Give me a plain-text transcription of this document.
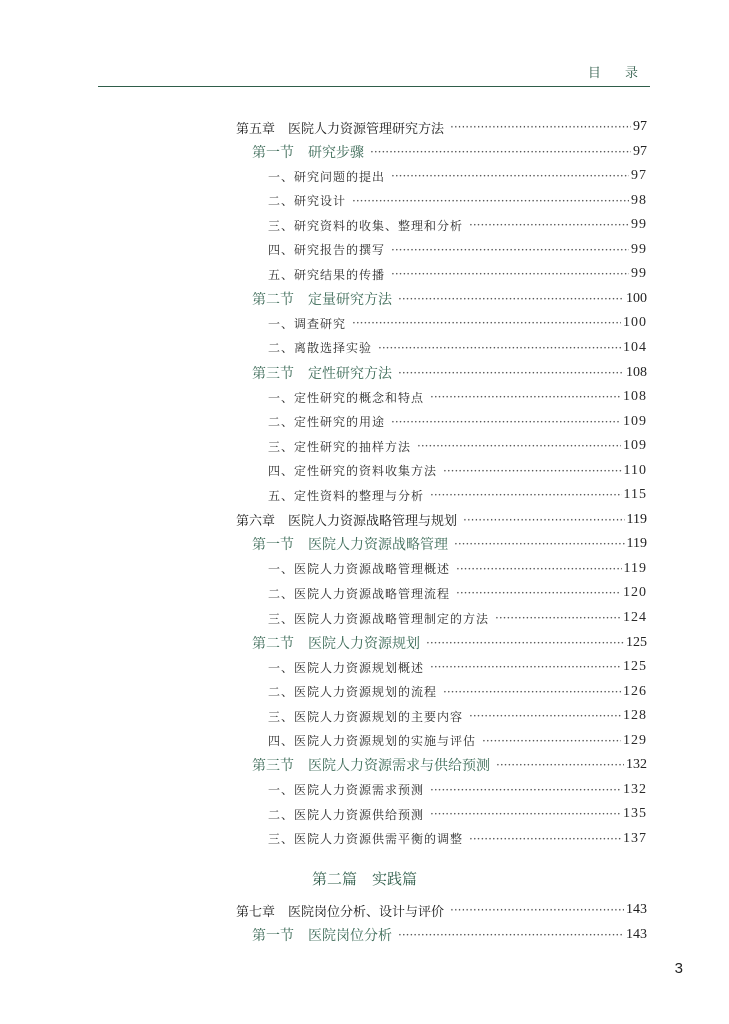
目 录
第五章　医院人力资源管理研究方法 ·····	97
第一节　研究步骤 ·····	97
一、研究问题的提出 ·····	97
二、研究设计 ·····	98
三、研究资料的收集、整理和分析 ·····	99
四、研究报告的撰写 ·····	99
五、研究结果的传播 ·····	99
第二节　定量研究方法 ·····	100
一、调查研究 ·····	100
二、离散选择实验 ·····	104
第三节　定性研究方法 ·····	108
一、定性研究的概念和特点 ·····	108
二、定性研究的用途 ·····	109
三、定性研究的抽样方法 ·····	109
四、定性研究的资料收集方法 ·····	110
五、定性资料的整理与分析 ·····	115
第六章　医院人力资源战略管理与规划 ·····	119
第一节　医院人力资源战略管理 ·····	119
一、医院人力资源战略管理概述 ·····	119
二、医院人力资源战略管理流程 ·····	120
三、医院人力资源战略管理制定的方法 ·····	124
第二节　医院人力资源规划 ·····	125
一、医院人力资源规划概述 ·····	125
二、医院人力资源规划的流程 ·····	126
三、医院人力资源规划的主要内容 ·····	128
四、医院人力资源规划的实施与评估 ·····	129
第三节　医院人力资源需求与供给预测 ·····	132
一、医院人力资源需求预测 ·····	132
二、医院人力资源供给预测 ·····	135
三、医院人力资源供需平衡的调整 ·····	137
第七章　医院岗位分析、设计与评价 ·····	143
第一节　医院岗位分析 ·····	143
第二篇　实践篇
3
